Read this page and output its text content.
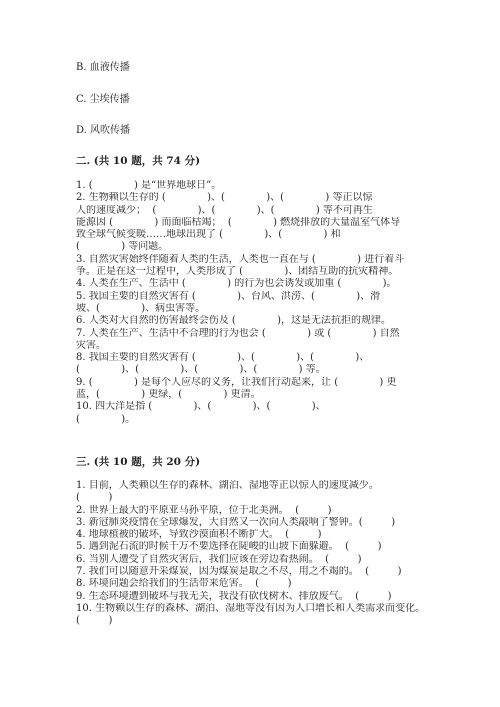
B. 血液传播
C. 尘埃传播
D. 风吹传播
二. (共 10 题，共 74 分)
1. (             ) 是“世界地球日”。
2. 生物赖以生存的 (             )、(             )、(             ) 等正以惊
人的速度减少；  (             )、(             )、(             ) 等不可再生
能源因 (             ) 而面临枯竭；  (             ) 燃烧排放的大量温室气体导
致全球气候变暖……地球出现了 (             )、(             ) 和
(             ) 等问题。
3. 自然灾害始终伴随着人类的生活，人类也一直在与 (             ) 进行着斗
争。正是在这一过程中，人类形成了 (             )、团结互助的抗灾精神。
4. 人类在生产、生活中 (             ) 的行为也会诱发或加重 (             )。
5. 我国主要的自然灾害有 (             )、台风、洪涝、(             )、滑
坡、(             )、病虫害等。
6. 人类对大自然的伤害最终会伤及 (             )，这是无法抗拒的规律。
7. 人类在生产、生活中不合理的行为也会 (             ) 或 (             ) 自然
灾害。
8. 我国主要的自然灾害有 (             )、(             )、(             )、
(             )、(             )、(             )、(             ) 等。
9. (             ) 是每个人应尽的义务，让我们行动起来，让 (             ) 更
蓝，(             ) 更绿，(             ) 更清。
10. 四大洋是指 (             )、(             )、(             )、
(             )。
三. (共 10 题，共 20 分)
1. 目前，人类赖以生存的森林、湖泊、湿地等正以惊人的速度减少。
(         )
2. 世界上最大的平原亚马孙平原，位于北美洲。  (         )
3. 新冠肺炎疫情在全球爆发，大自然又一次向人类敲响了警钟。(         )
4. 地球植被的破坏，导致沙漠面积不断扩大。  (         )
5. 遇到泥石流的时候千万不要选择在陡峻的山坡下面躲避。  (         )
6. 当别人遭受了自然灾害后，我们应该在旁边看热闹。  (         )
7. 我们可以随意开采煤炭，因为煤炭是取之不尽，用之不竭的。  (         )
8. 环境问题会给我们的生活带来危害。  (         )
9. 生态环境遭到破坏与我无关，我没有砍伐树木、排放废气。  (         )
10. 生物赖以生存的森林、湖泊、湿地等没有因为人口增长和人类需求而变化。
(         )
